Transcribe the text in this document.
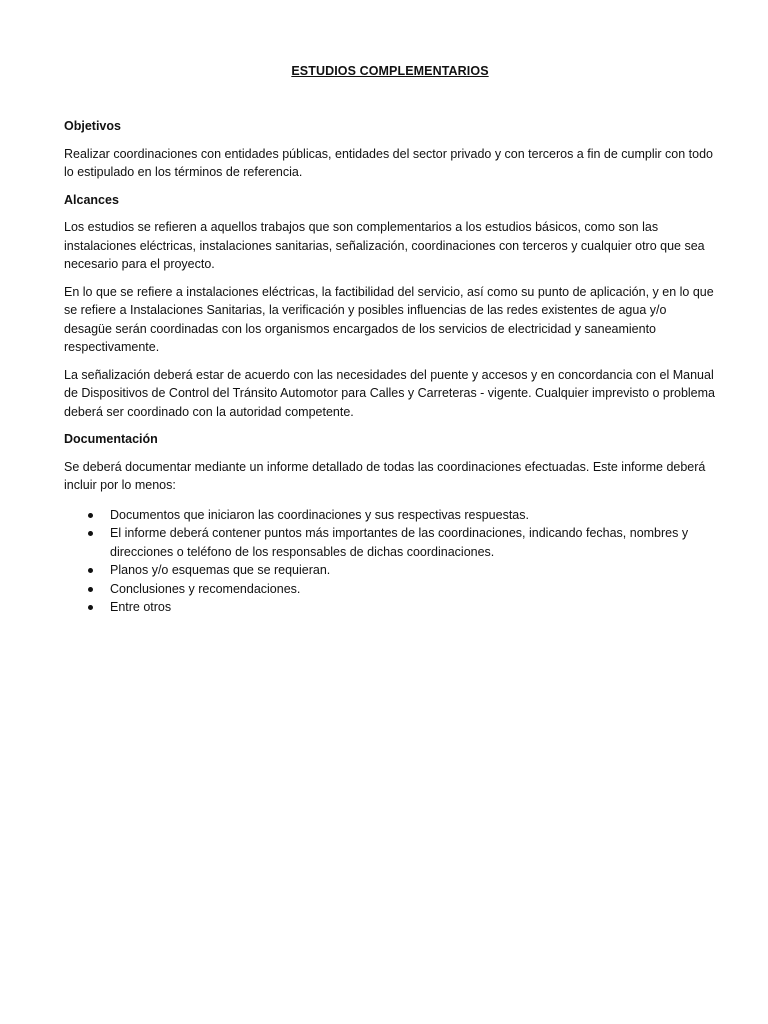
ESTUDIOS COMPLEMENTARIOS
Objetivos

Realizar coordinaciones con entidades públicas, entidades del sector privado y con terceros a fin de cumplir con todo lo estipulado en los términos de referencia.

Alcances

Los estudios se refieren a aquellos trabajos que son complementarios a los estudios básicos, como son las instalaciones eléctricas, instalaciones sanitarias, señalización, coordinaciones con terceros y cualquier otro que sea necesario para el proyecto.

En lo que se refiere a instalaciones eléctricas, la factibilidad del servicio, así como su punto de aplicación, y en lo que se refiere a Instalaciones Sanitarias, la verificación y posibles influencias de las redes existentes de agua y/o desagüe serán coordinadas con los organismos encargados de los servicios de electricidad y saneamiento respectivamente.

La señalización deberá estar de acuerdo con las necesidades del puente y accesos y en concordancia con el Manual de Dispositivos de Control del Tránsito Automotor para Calles y Carreteras - vigente. Cualquier imprevisto o problema deberá ser coordinado con la autoridad competente.

Documentación

Se deberá documentar mediante un informe detallado de todas las coordinaciones efectuadas. Este informe deberá incluir por lo menos:

Documentos que iniciaron las coordinaciones y sus respectivas respuestas.
El informe deberá contener puntos más importantes de las coordinaciones, indicando fechas, nombres y direcciones o teléfono de los responsables de dichas coordinaciones.
Planos y/o esquemas que se requieran.
Conclusiones y recomendaciones.
Entre otros
